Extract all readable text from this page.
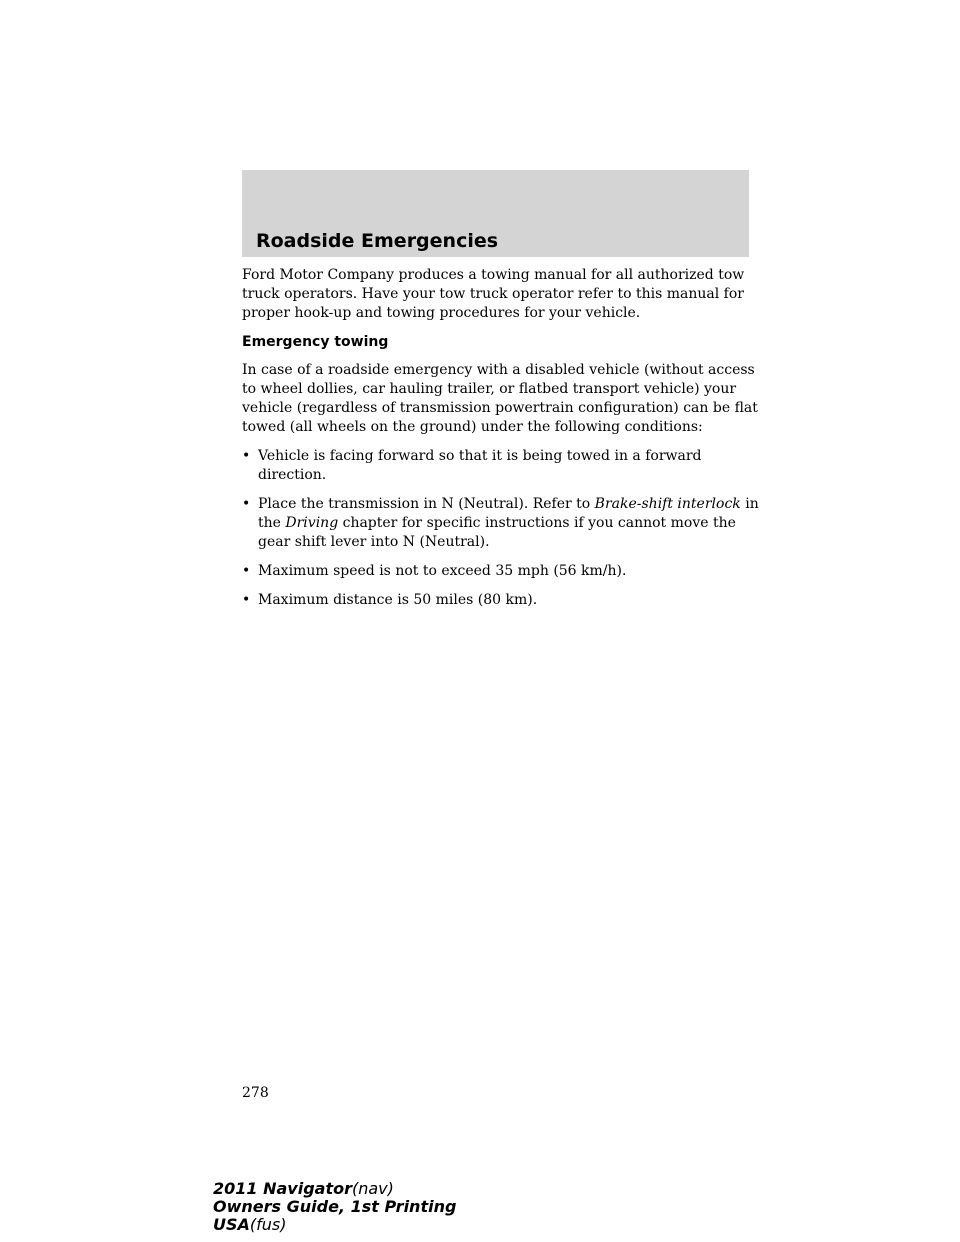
Roadside Emergencies

Ford Motor Company produces a towing manual for all authorized tow truck operators. Have your tow truck operator refer to this manual for proper hook-up and towing procedures for your vehicle.

Emergency towing

In case of a roadside emergency with a disabled vehicle (without access to wheel dollies, car hauling trailer, or flatbed transport vehicle) your vehicle (regardless of transmission powertrain configuration) can be flat towed (all wheels on the ground) under the following conditions:

• Vehicle is facing forward so that it is being towed in a forward direction.
• Place the transmission in N (Neutral). Refer to Brake-shift interlock in the Driving chapter for specific instructions if you cannot move the gear shift lever into N (Neutral).
• Maximum speed is not to exceed 35 mph (56 km/h).
• Maximum distance is 50 miles (80 km).
278
2011 Navigator(nav)
Owners Guide, 1st Printing
USA(fus)
